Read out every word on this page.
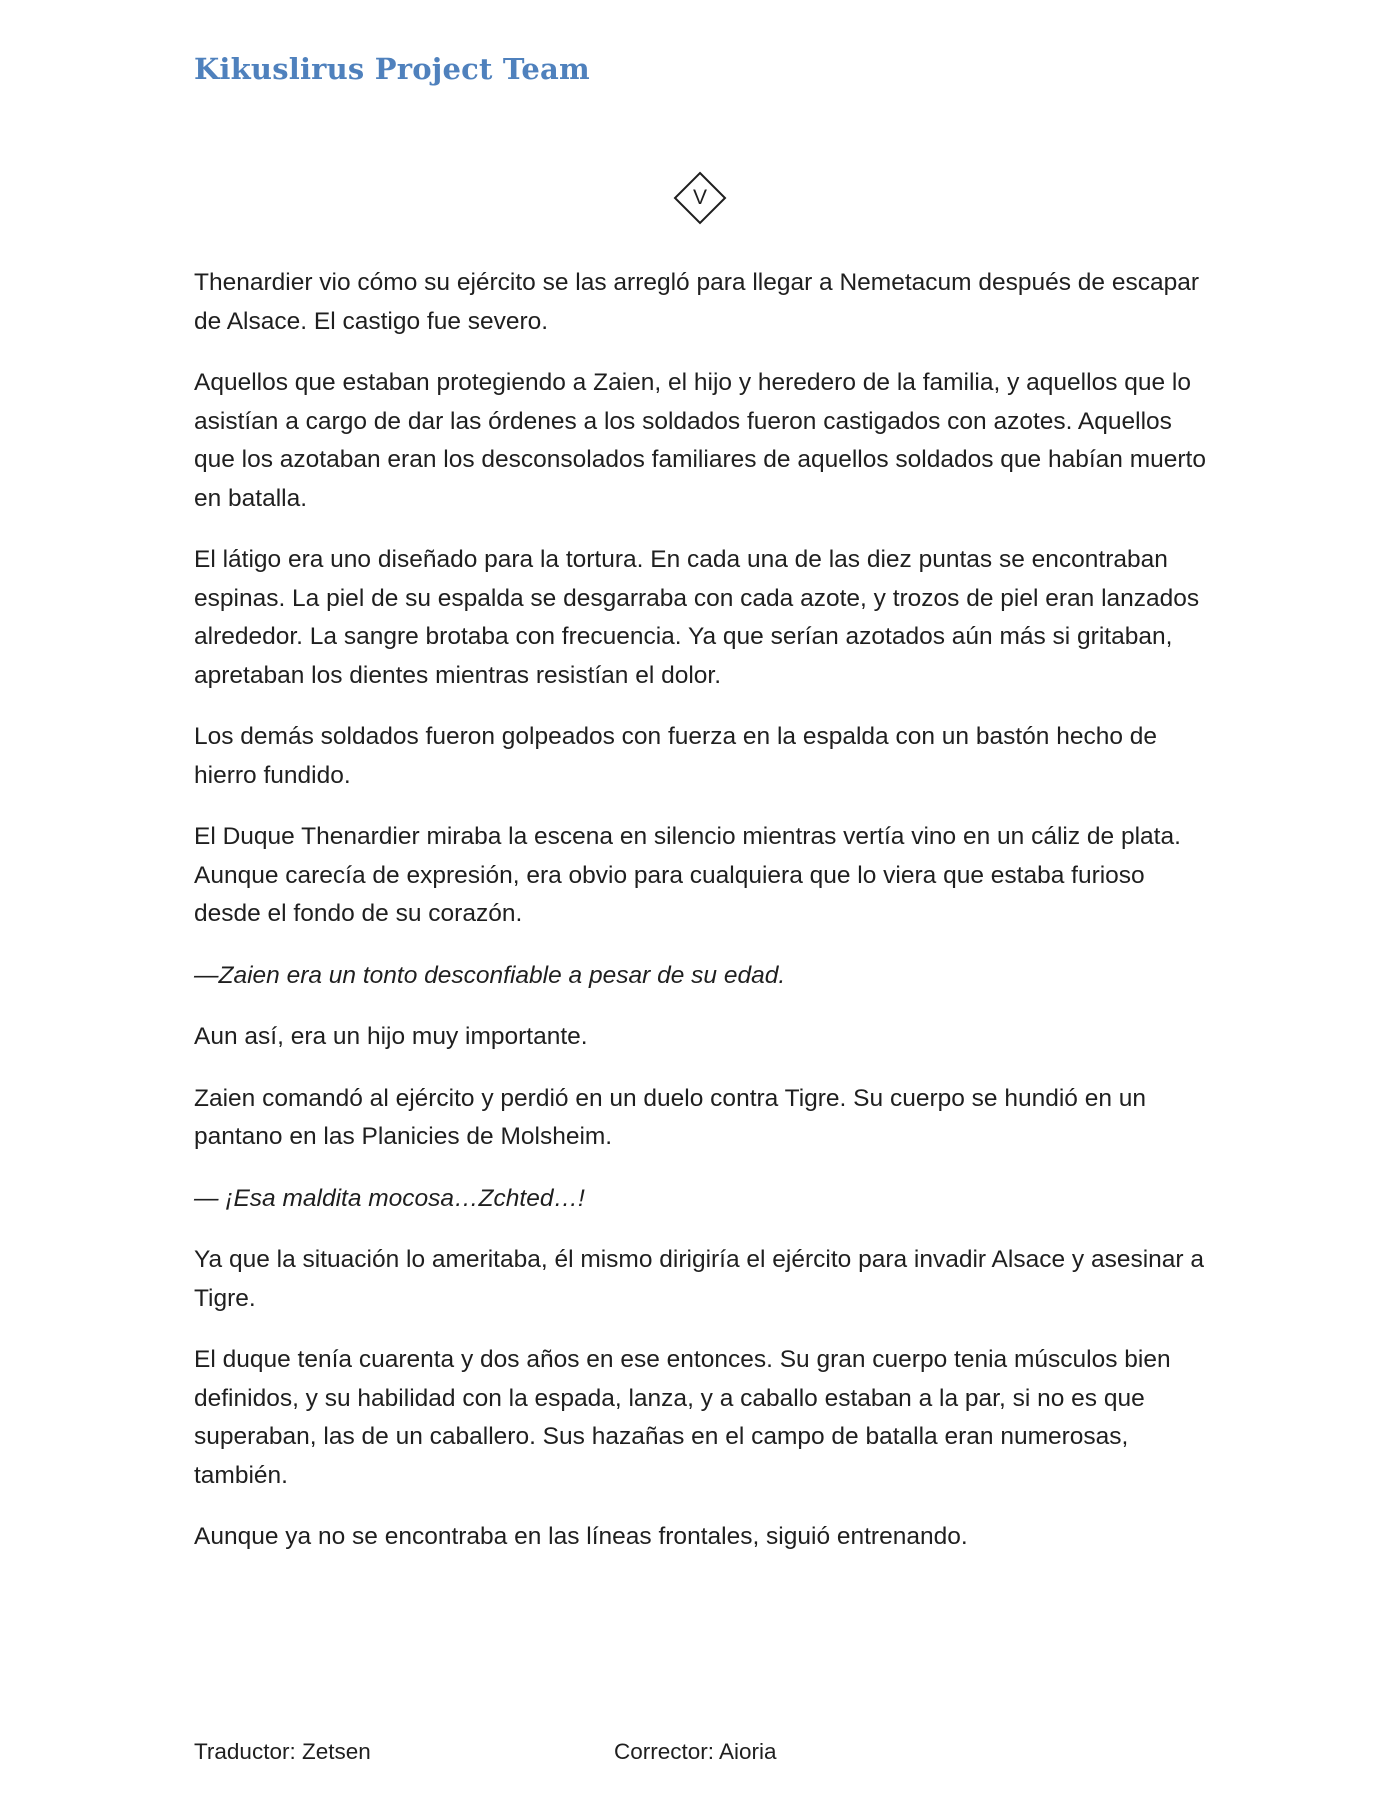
Kikuslirus Project Team
V

Thenardier vio cómo su ejército se las arregló para llegar a Nemetacum después de escapar de Alsace. El castigo fue severo.

Aquellos que estaban protegiendo a Zaien, el hijo y heredero de la familia, y aquellos que lo asistían a cargo de dar las órdenes a los soldados fueron castigados con azotes. Aquellos que los azotaban eran los desconsolados familiares de aquellos soldados que habían muerto en batalla.

El látigo era uno diseñado para la tortura. En cada una de las diez puntas se encontraban espinas. La piel de su espalda se desgarraba con cada azote, y trozos de piel eran lanzados alrededor. La sangre brotaba con frecuencia. Ya que serían azotados aún más si gritaban, apretaban los dientes mientras resistían el dolor.

Los demás soldados fueron golpeados con fuerza en la espalda con un bastón hecho de hierro fundido.

El Duque Thenardier miraba la escena en silencio mientras vertía vino en un cáliz de plata. Aunque carecía de expresión, era obvio para cualquiera que lo viera que estaba furioso desde el fondo de su corazón.

—Zaien era un tonto desconfiable a pesar de su edad.

Aun así, era un hijo muy importante.

Zaien comandó al ejército y perdió en un duelo contra Tigre. Su cuerpo se hundió en un pantano en las Planicies de Molsheim.

— ¡Esa maldita mocosa…Zchted…!

Ya que la situación lo ameritaba, él mismo dirigiría el ejército para invadir Alsace y asesinar a Tigre.

El duque tenía cuarenta y dos años en ese entonces. Su gran cuerpo tenia músculos bien definidos, y su habilidad con la espada, lanza, y a caballo estaban a la par, si no es que superaban, las de un caballero. Sus hazañas en el campo de batalla eran numerosas, también.

Aunque ya no se encontraba en las líneas frontales, siguió entrenando.

Traductor: Zetsen	Corrector: Aioria
